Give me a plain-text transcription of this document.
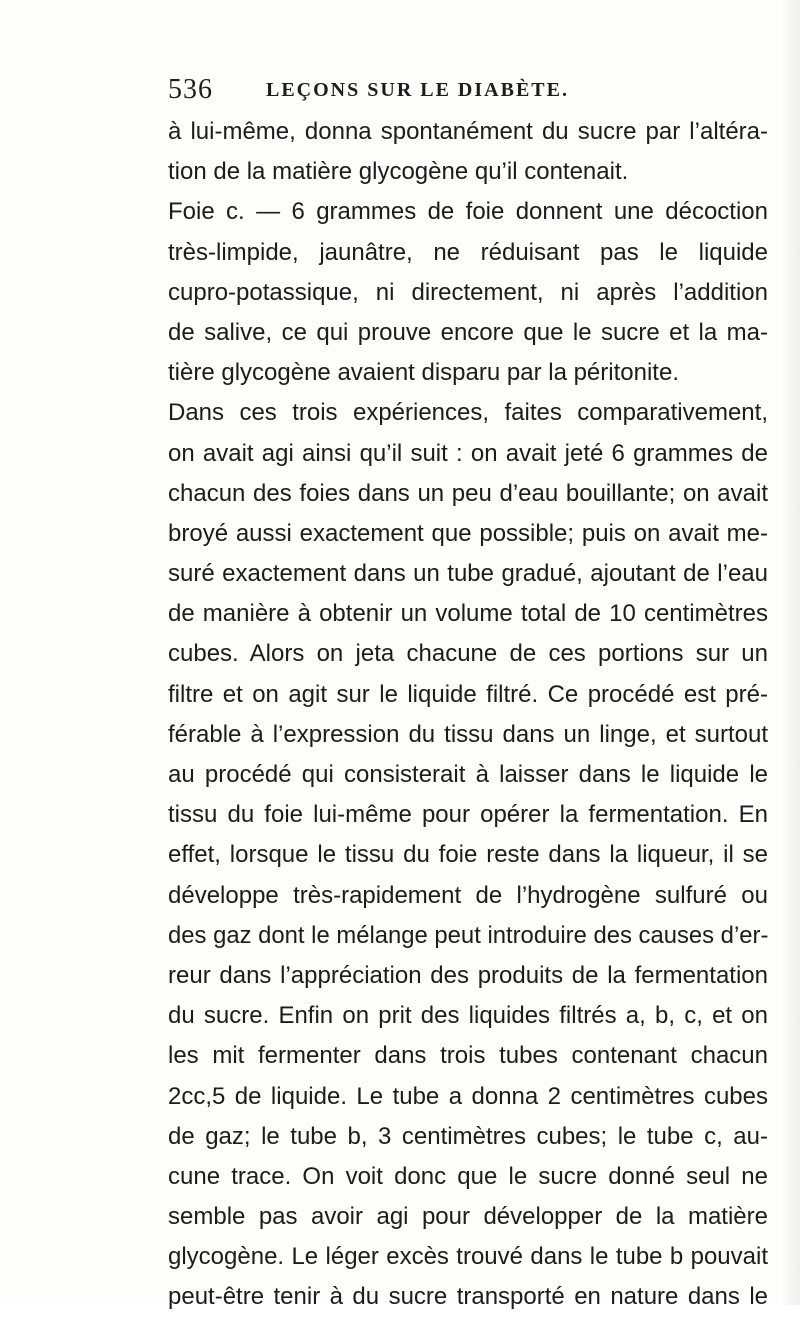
536	LEÇONS SUR LE DIABÈTE.
à lui-même, donna spontanément du sucre par l’altéra-
tion de la matière glycogène qu’il contenait.
Foie c. — 6 grammes de foie donnent une décoction
très-limpide, jaunâtre, ne réduisant pas le liquide
cupro-potassique, ni directement, ni après l’addition
de salive, ce qui prouve encore que le sucre et la ma-
tière glycogène avaient disparu par la péritonite.
Dans ces trois expériences, faites comparativement,
on avait agi ainsi qu’il suit : on avait jeté 6 grammes de
chacun des foies dans un peu d’eau bouillante; on avait
broyé aussi exactement que possible; puis on avait me-
suré exactement dans un tube gradué, ajoutant de l’eau
de manière à obtenir un volume total de 10 centimètres
cubes. Alors on jeta chacune de ces portions sur un
filtre et on agit sur le liquide filtré. Ce procédé est pré-
férable à l’expression du tissu dans un linge, et surtout
au procédé qui consisterait à laisser dans le liquide le
tissu du foie lui-même pour opérer la fermentation. En
effet, lorsque le tissu du foie reste dans la liqueur, il se
développe très-rapidement de l’hydrogène sulfuré ou
des gaz dont le mélange peut introduire des causes d’er-
reur dans l’appréciation des produits de la fermentation
du sucre. Enfin on prit des liquides filtrés a, b, c, et on
les mit fermenter dans trois tubes contenant chacun
2cc,5 de liquide. Le tube a donna 2 centimètres cubes
de gaz; le tube b, 3 centimètres cubes; le tube c, au-
cune trace. On voit donc que le sucre donné seul ne
semble pas avoir agi pour développer de la matière
glycogène. Le léger excès trouvé dans le tube b pouvait
peut-être tenir à du sucre transporté en nature dans le
